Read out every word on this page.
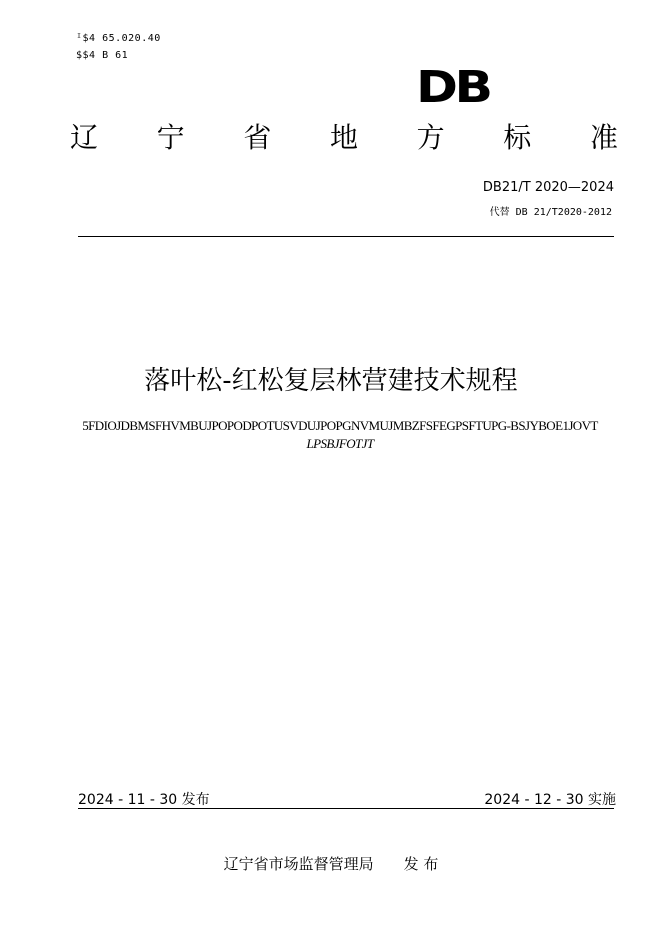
ᴵ$4 65.020.40
$$4 B 61
DB
辽 宁 省 地 方 标 准
DB21/T 2020—2024
代替 DB 21/T2020-2012
落叶松-红松复层林营建技术规程
5FDIOJDBMSFHVMBUJPOPODPOTUSVDUJPOPGNVMUJMBZFSFEGPSFTUPG-BSJYBOE1JOVT
LPSBJFOTJT
2024 - 11 - 30 发布	2024 - 12 - 30 实施
辽宁省市场监督管理局 发 布
